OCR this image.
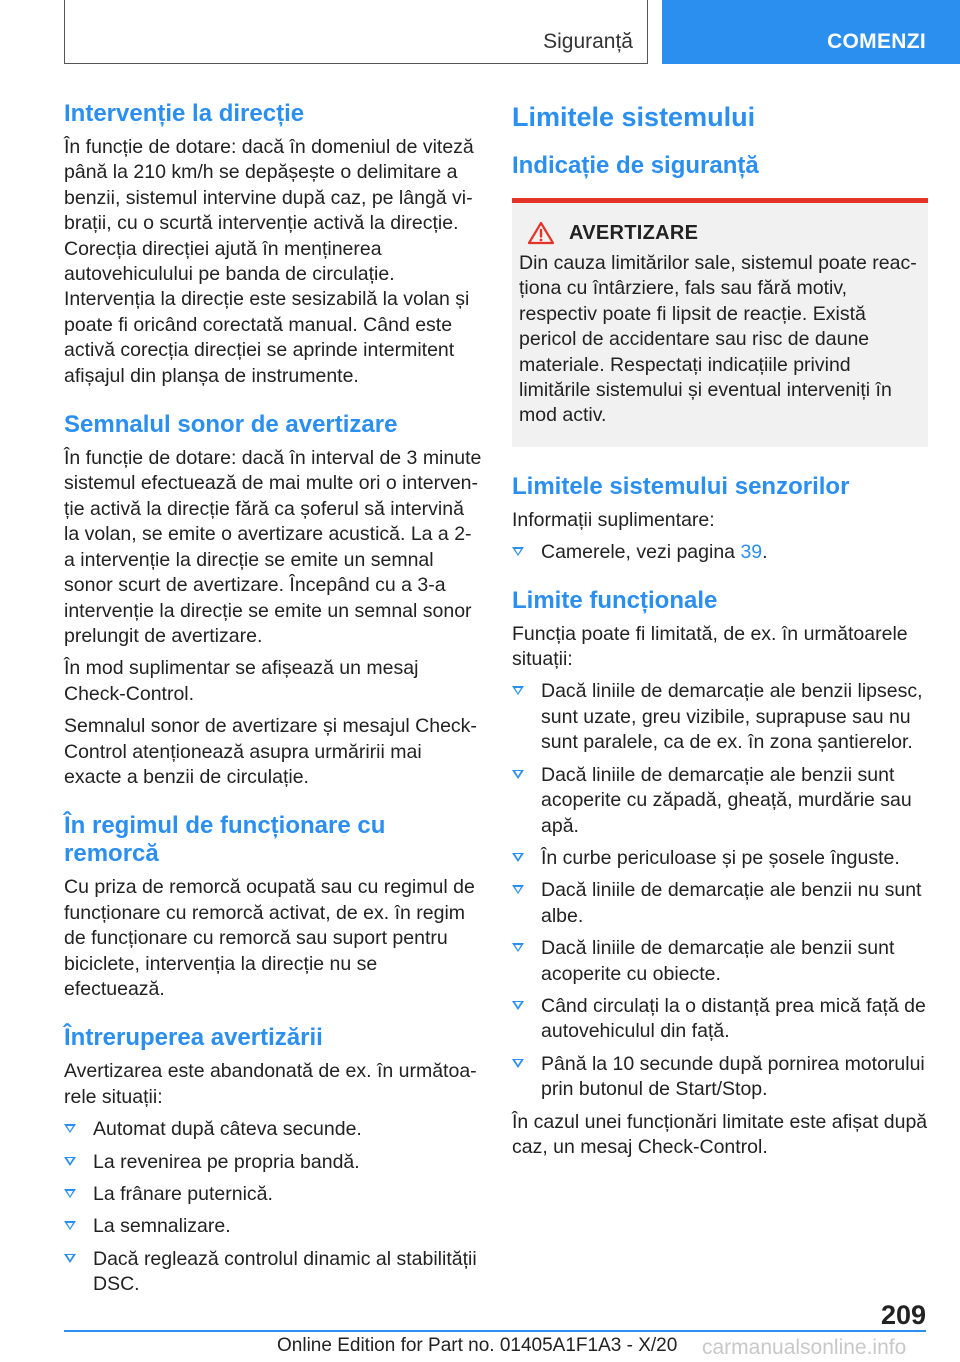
Siguranță	COMENZI
Intervenție la direcție

În funcție de dotare: dacă în domeniul de viteză până la 210 km/h se depășește o delimitare a benzii, sistemul intervine după caz, pe lângă vibrații, cu o scurtă intervenție activă la direcție. Corecția direcției ajută în menținerea autovehiculului pe banda de circulație. Intervenția la direcție este sesizabilă la volan și poate fi oricând corectată manual. Când este activă corecția direcției se aprinde intermitent afișajul din planșa de instrumente.

Semnalul sonor de avertizare

În funcție de dotare: dacă în interval de 3 minute sistemul efectuează de mai multe ori o intervenție activă la direcție fără ca șoferul să intervină la volan, se emite o avertizare acustică. La a 2-a intervenție la direcție se emite un semnal sonor scurt de avertizare. Începând cu a 3-a intervenție la direcție se emite un semnal sonor prelungit de avertizare.

În mod suplimentar se afișează un mesaj Check-Control.

Semnalul sonor de avertizare și mesajul Check-Control atenționează asupra urmăririi mai exacte a benzii de circulație.

În regimul de funcționare cu remorcă

Cu priza de remorcă ocupată sau cu regimul de funcționare cu remorcă activat, de ex. în regim de funcționare cu remorcă sau suport pentru biciclete, intervenția la direcție nu se efectuează.

Întreruperea avertizării

Avertizarea este abandonată de ex. în următoarele situații:

Automat după câteva secunde.
La revenirea pe propria bandă.
La frânare puternică.
La semnalizare.
Dacă reglează controlul dinamic al stabilității DSC.
Limitele sistemului
Indicație de siguranță
AVERTIZARE

Din cauza limitărilor sale, sistemul poate reacționa cu întârziere, fals sau fără motiv, respectiv poate fi lipsit de reacție. Există pericol de accidentare sau risc de daune materiale. Respectați indicațiile privind limitările sistemului și eventual interveniți în mod activ.

Limitele sistemului senzorilor

Informații suplimentare:

Camerele, vezi pagina 39.
Limite funcționale

Funcția poate fi limitată, de ex. în următoarele situații:

Dacă liniile de demarcație ale benzii lipsesc, sunt uzate, greu vizibile, suprapuse sau nu sunt paralele, ca de ex. în zona șantierelor.
Dacă liniile de demarcație ale benzii sunt acoperite cu zăpadă, gheață, murdărie sau apă.
În curbe periculoase și pe șosele înguste.
Dacă liniile de demarcație ale benzii nu sunt albe.
Dacă liniile de demarcație ale benzii sunt acoperite cu obiecte.
Când circulați la o distanță prea mică față de autovehiculul din față.
Până la 10 secunde după pornirea motorului prin butonul de Start/Stop.

În cazul unei funcționări limitate este afișat după caz, un mesaj Check-Control.

209
Online Edition for Part no. 01405A1F1A3 - X/20	carmanualsonline.info
